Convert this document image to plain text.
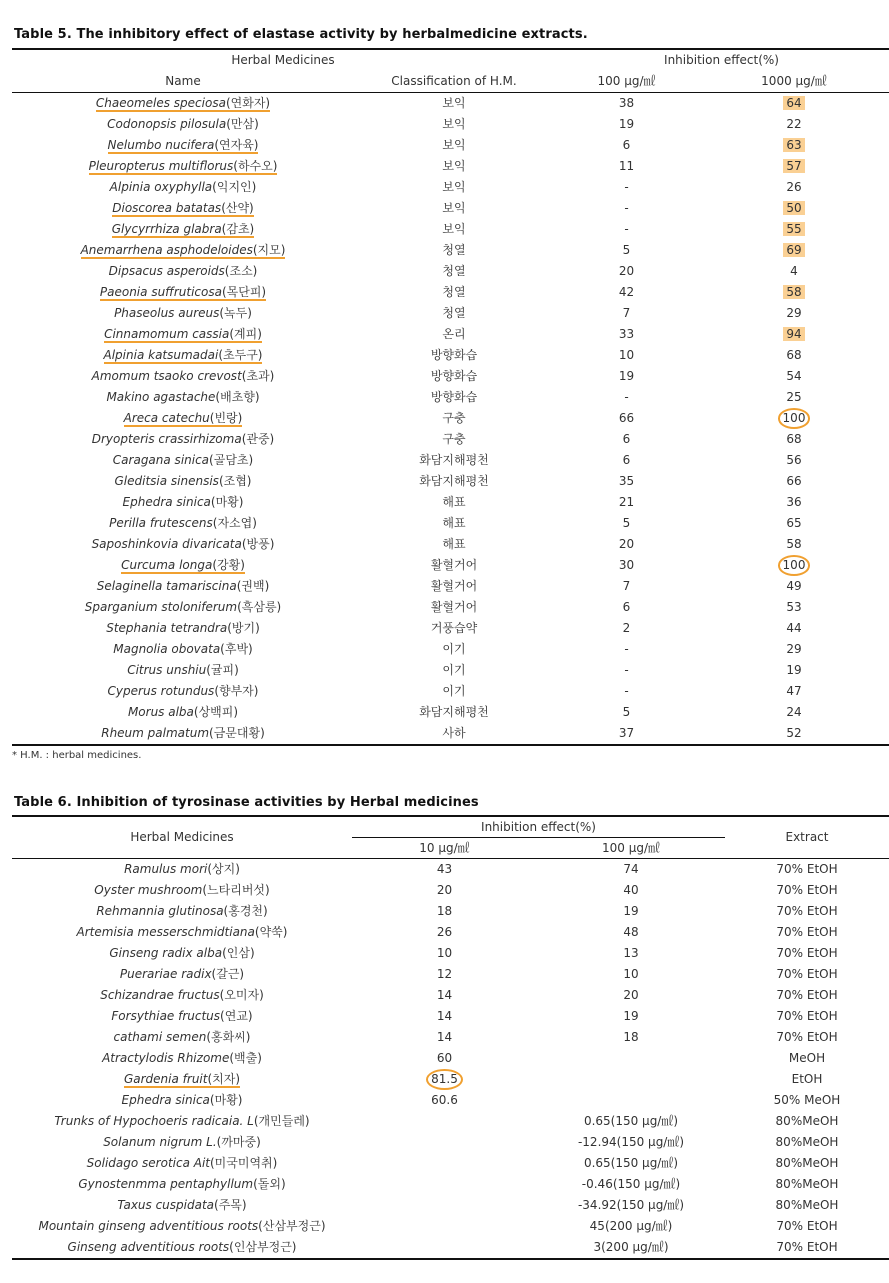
Table 5. The inhibitory effect of elastase activity by herbalmedicine extracts.
Herbal Medicines		Inhibition effect(%)	
Name	Classification of H.M.	100 μg/㎖	1000 μg/㎖
Chaeomeles speciosa(연화자)	보익	38	64
Codonopsis pilosula(만삼)	보익	19	22
Nelumbo nucifera(연자육)	보익	6	63
Pleuropterus multiflorus(하수오)	보익	11	57
Alpinia oxyphylla(익지인)	보익	-	26
Dioscorea batatas(산약)	보익	-	50
Glycyrrhiza glabra(감초)	보익	-	55
Anemarrhena asphodeloides(지모)	청열	5	69
Dipsacus asperoids(조소)	청열	20	4
Paeonia suffruticosa(목단피)	청열	42	58
Phaseolus aureus(녹두)	청열	7	29
Cinnamomum cassia(계피)	온리	33	94
Alpinia katsumadai(초두구)	방향화습	10	68
Amomum tsaoko crevost(초과)	방향화습	19	54
Makino agastache(배초향)	방향화습	-	25
Areca catechu(빈랑)	구충	66	100
Dryopteris crassirhizoma(관중)	구충	6	68
Caragana sinica(골담초)	화담지해평천	6	56
Gleditsia sinensis(조협)	화담지해평천	35	66
Ephedra sinica(마황)	해표	21	36
Perilla frutescens(자소엽)	해표	5	65
Saposhinkovia divaricata(방풍)	해표	20	58
Curcuma longa(강황)	활혈거어	30	100
Selaginella tamariscina(권백)	활혈거어	7	49
Sparganium stoloniferum(흑삼릉)	활혈거어	6	53
Stephania tetrandra(방기)	거풍습약	2	44
Magnolia obovata(후박)	이기	-	29
Citrus unshiu(귤피)	이기	-	19
Cyperus rotundus(향부자)	이기	-	47
Morus alba(상백피)	화담지해평천	5	24
Rheum palmatum(금문대황)	사하	37	52
* H.M. : herbal medicines.
Table 6. Inhibition of tyrosinase activities by Herbal medicines
Herbal Medicines	Inhibition effect(%)		Extract
	10 μg/㎖	100 μg/㎖	
Ramulus mori(상지)	43	74	70% EtOH
Oyster mushroom(느타리버섯)	20	40	70% EtOH
Rehmannia glutinosa(홍경천)	18	19	70% EtOH
Artemisia messerschmidtiana(약쑥)	26	48	70% EtOH
Ginseng radix alba(인삼)	10	13	70% EtOH
Puerariae radix(갈근)	12	10	70% EtOH
Schizandrae fructus(오미자)	14	20	70% EtOH
Forsythiae fructus(연교)	14	19	70% EtOH
cathami semen(홍화씨)	14	18	70% EtOH
Atractylodis Rhizome(백출)	60		MeOH
Gardenia fruit(치자)	81.5		EtOH
Ephedra sinica(마황)	60.6		50% MeOH
Trunks of Hypochoeris radicaia. L(개민들레)		0.65(150 μg/㎖)	80%MeOH
Solanum nigrum L.(까마중)		-12.94(150 μg/㎖)	80%MeOH
Solidago serotica Ait(미국미역취)		0.65(150 μg/㎖)	80%MeOH
Gynostenmma pentaphyllum(돌외)		-0.46(150 μg/㎖)	80%MeOH
Taxus cuspidata(주목)		-34.92(150 μg/㎖)	80%MeOH
Mountain ginseng adventitious roots(산삼부정근)		45(200 μg/㎖)	70% EtOH
Ginseng adventitious roots(인삼부정근)		3(200 μg/㎖)	70% EtOH
